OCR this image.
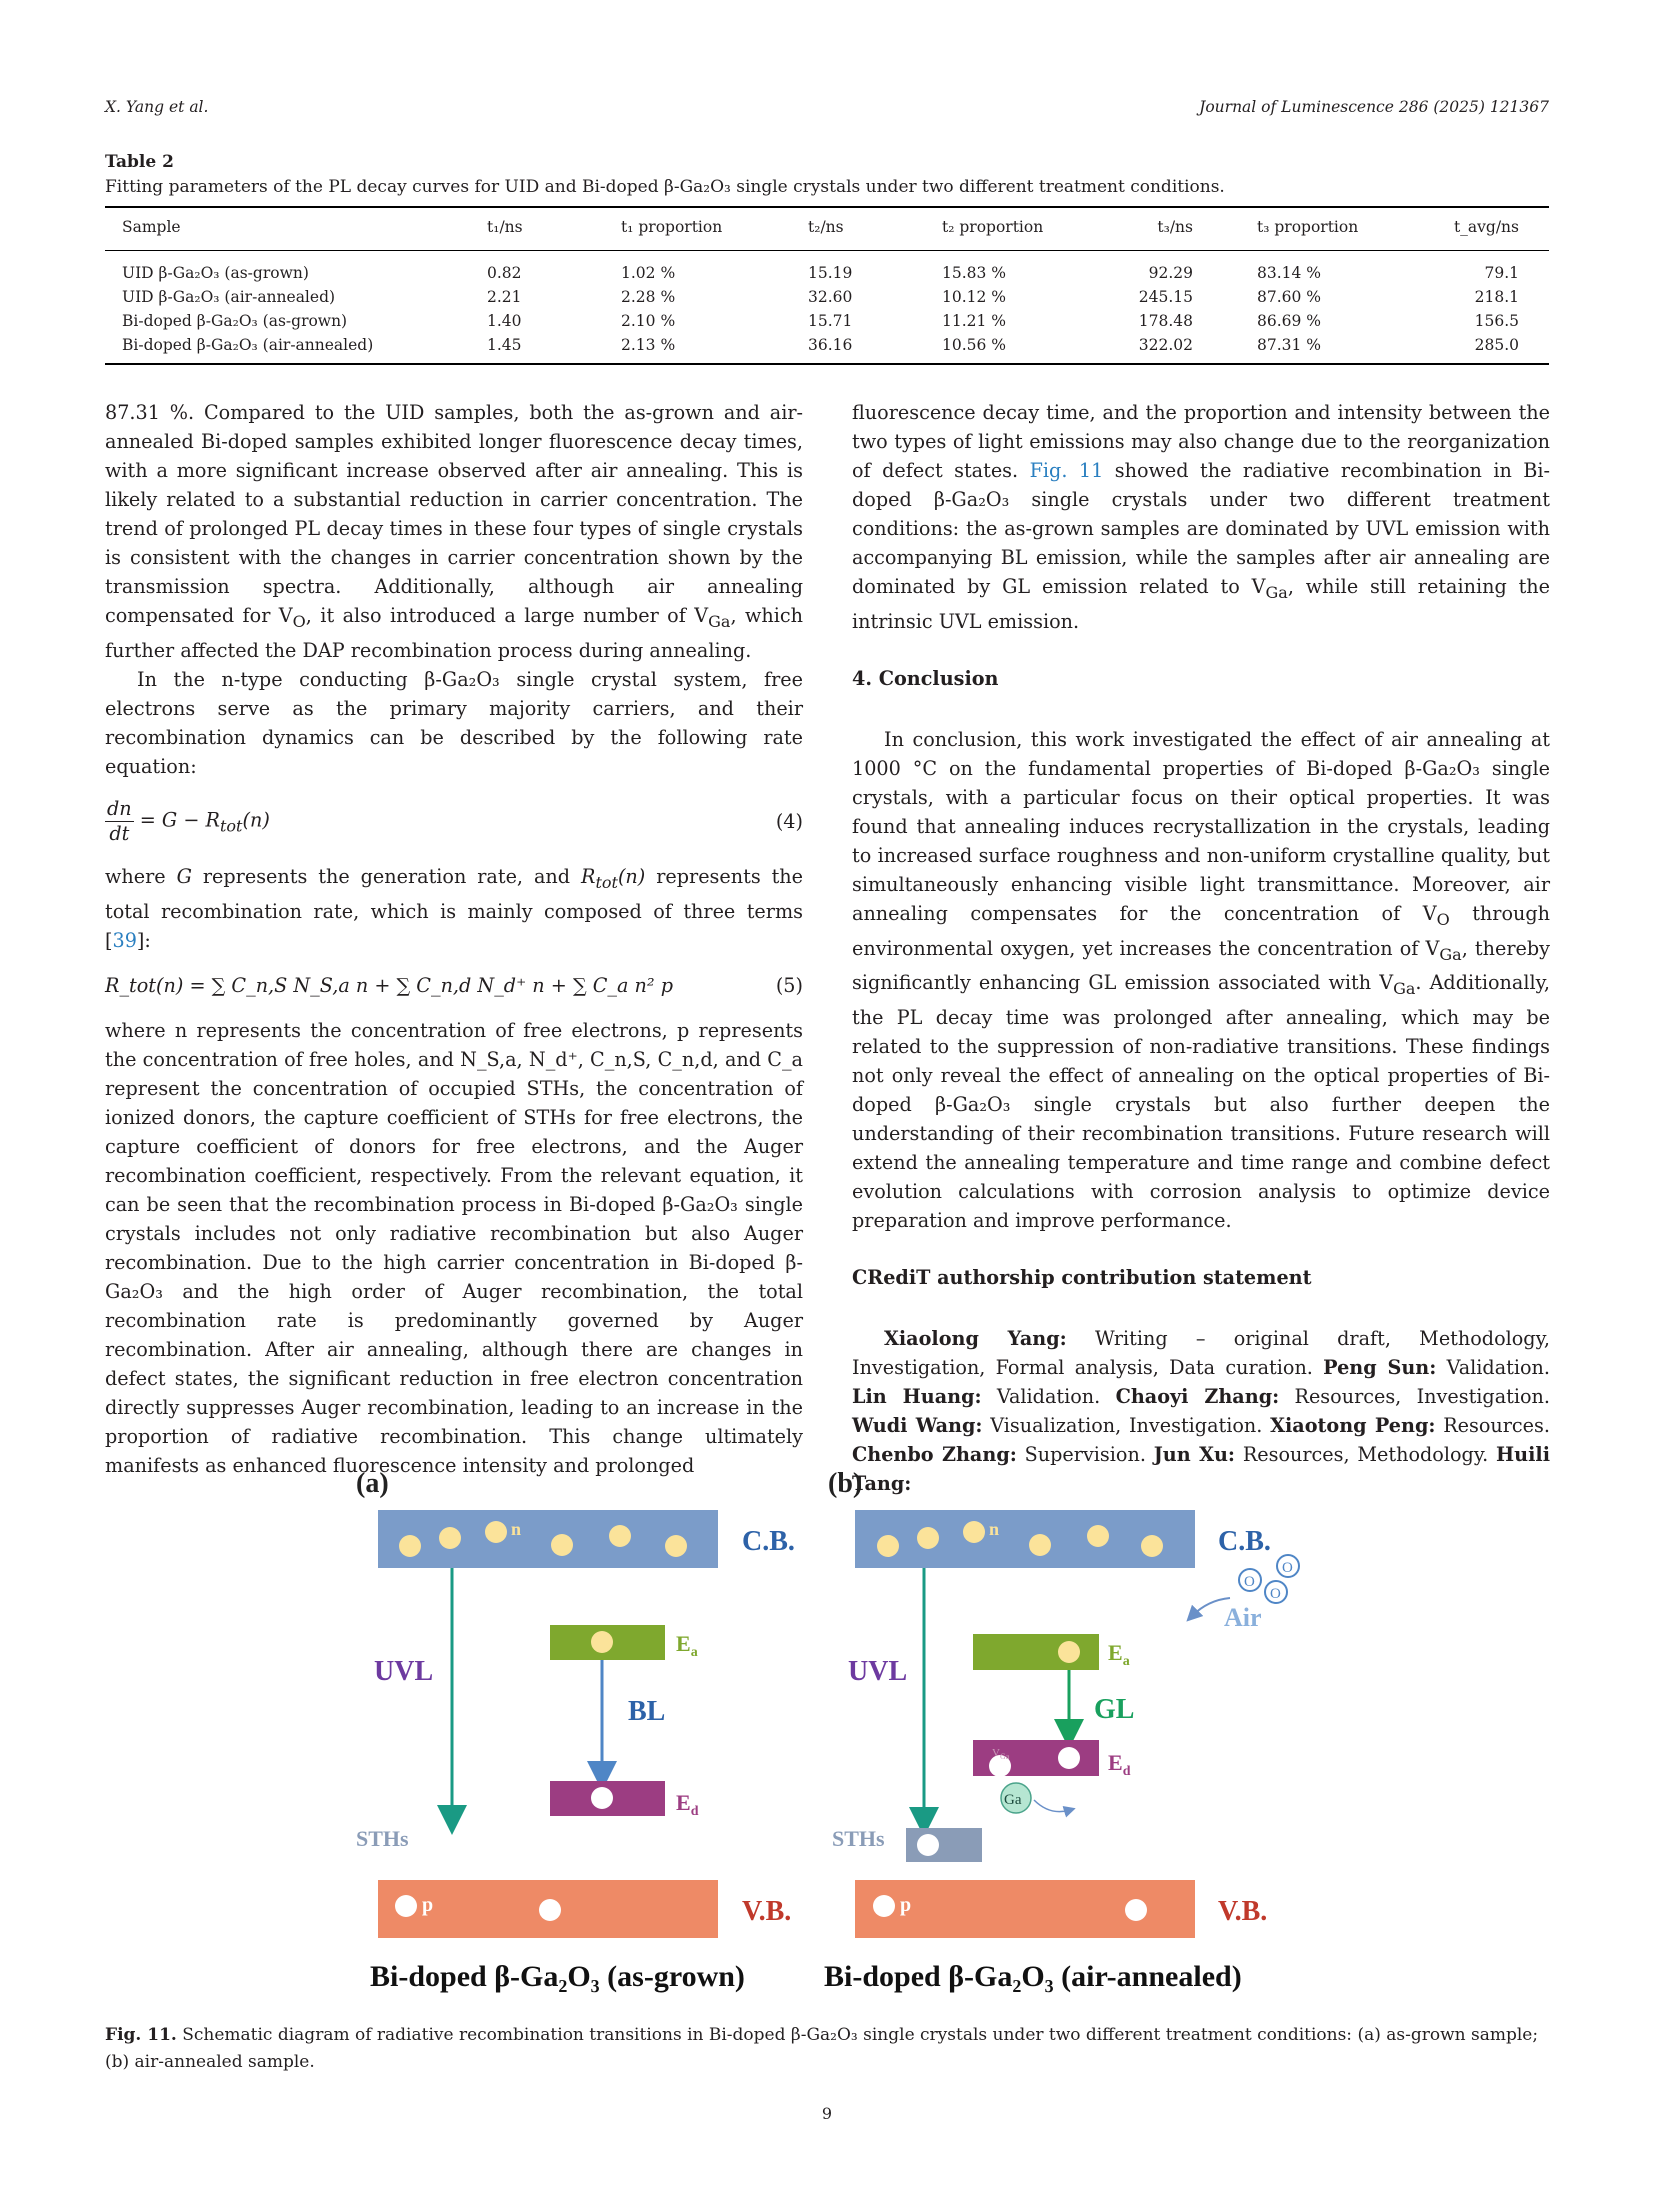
X. Yang et al.	Journal of Luminescence 286 (2025) 121367
Table 2
Fitting parameters of the PL decay curves for UID and Bi-doped β-Ga₂O₃ single crystals under two different treatment conditions.
Sample	t₁/ns	t₁ proportion	t₂/ns	t₂ proportion	t₃/ns	t₃ proportion	t_avg/ns
UID β-Ga₂O₃ (as-grown)	0.82	1.02 %	15.19	15.83 %	92.29	83.14 %	79.1
UID β-Ga₂O₃ (air-annealed)	2.21	2.28 %	32.60	10.12 %	245.15	87.60 %	218.1
Bi-doped β-Ga₂O₃ (as-grown)	1.40	2.10 %	15.71	11.21 %	178.48	86.69 %	156.5
Bi-doped β-Ga₂O₃ (air-annealed)	1.45	2.13 %	36.16	10.56 %	322.02	87.31 %	285.0

87.31 %. Compared to the UID samples, both the as-grown and air-annealed Bi-doped samples exhibited longer fluorescence decay times, with a more significant increase observed after air annealing. This is likely related to a substantial reduction in carrier concentration. The trend of prolonged PL decay times in these four types of single crystals is consistent with the changes in carrier concentration shown by the transmission spectra. Additionally, although air annealing compensated for $V_O$, it also introduced a large number of $V_{Ga}$, which further affected the DAP recombination process during annealing.

In the n-type conducting β-Ga₂O₃ single crystal system, free electrons serve as the primary majority carriers, and their recombination dynamics can be described by the following rate equation:

$\frac{dn}{dt} = G - R_{tot}(n)$	(4)

where G represents the generation rate, and $R_{tot}(n)$ represents the total recombination rate, which is mainly composed of three terms [39]:

R_tot(n) = ∑ C_n,S N_S,a n + ∑ C_n,d N_d⁺ n + ∑ C_a n² p	(5)

where n represents the concentration of free electrons, p represents the concentration of free holes, and N_S,a, N_d⁺, C_n,S, C_n,d, and C_a represent the concentration of occupied STHs, the concentration of ionized donors, the capture coefficient of STHs for free electrons, the capture coefficient of donors for free electrons, and the Auger recombination coefficient, respectively. From the relevant equation, it can be seen that the recombination process in Bi-doped β-Ga₂O₃ single crystals includes not only radiative recombination but also Auger recombination. Due to the high carrier concentration in Bi-doped β-Ga₂O₃ and the high order of Auger recombination, the total recombination rate is predominantly governed by Auger recombination. After air annealing, although there are changes in defect states, the significant reduction in free electron concentration directly suppresses Auger recombination, leading to an increase in the proportion of radiative recombination. This change ultimately manifests as enhanced fluorescence intensity and prolonged

fluorescence decay time, and the proportion and intensity between the two types of light emissions may also change due to the reorganization of defect states. Fig. 11 showed the radiative recombination in Bi-doped β-Ga₂O₃ single crystals under two different treatment conditions: the as-grown samples are dominated by UVL emission with accompanying BL emission, while the samples after air annealing are dominated by GL emission related to $V_{Ga}$, while still retaining the intrinsic UVL emission.

4. Conclusion

In conclusion, this work investigated the effect of air annealing at 1000 °C on the fundamental properties of Bi-doped β-Ga₂O₃ single crystals, with a particular focus on their optical properties. It was found that annealing induces recrystallization in the crystals, leading to increased surface roughness and non-uniform crystalline quality, but simultaneously enhancing visible light transmittance. Moreover, air annealing compensates for the concentration of $V_O$ through environmental oxygen, yet increases the concentration of $V_{Ga}$, thereby significantly enhancing GL emission associated with $V_{Ga}$. Additionally, the PL decay time was prolonged after annealing, which may be related to the suppression of non-radiative transitions. These findings not only reveal the effect of annealing on the optical properties of Bi-doped β-Ga₂O₃ single crystals but also further deepen the understanding of their recombination transitions. Future research will extend the annealing temperature and time range and combine defect evolution calculations with corrosion analysis to optimize device preparation and improve performance.

CRediT authorship contribution statement

Xiaolong Yang: Writing – original draft, Methodology, Investigation, Formal analysis, Data curation. Peng Sun: Validation. Lin Huang: Validation. Chaoyi Zhang: Resources, Investigation. Wudi Wang: Visualization, Investigation. Xiaotong Peng: Resources. Chenbo Zhang: Supervision. Jun Xu: Resources, Methodology. Huili Tang:

(a)
n	C.B.
UVL
STHs
$E_a$
BL
$E_d$
p	V.B.
Bi-doped β-Ga₂O₃ (as-grown)
(b)
n	C.B.
O
O
O
Air
UVL
STHs
$E_a$
GL
$V_{Ga}$	$E_d$
Ga
p	V.B.
Bi-doped β-Ga₂O₃ (air-annealed)
Fig. 11. Schematic diagram of radiative recombination transitions in Bi-doped β-Ga₂O₃ single crystals under two different treatment conditions: (a) as-grown sample; (b) air-annealed sample.
9
